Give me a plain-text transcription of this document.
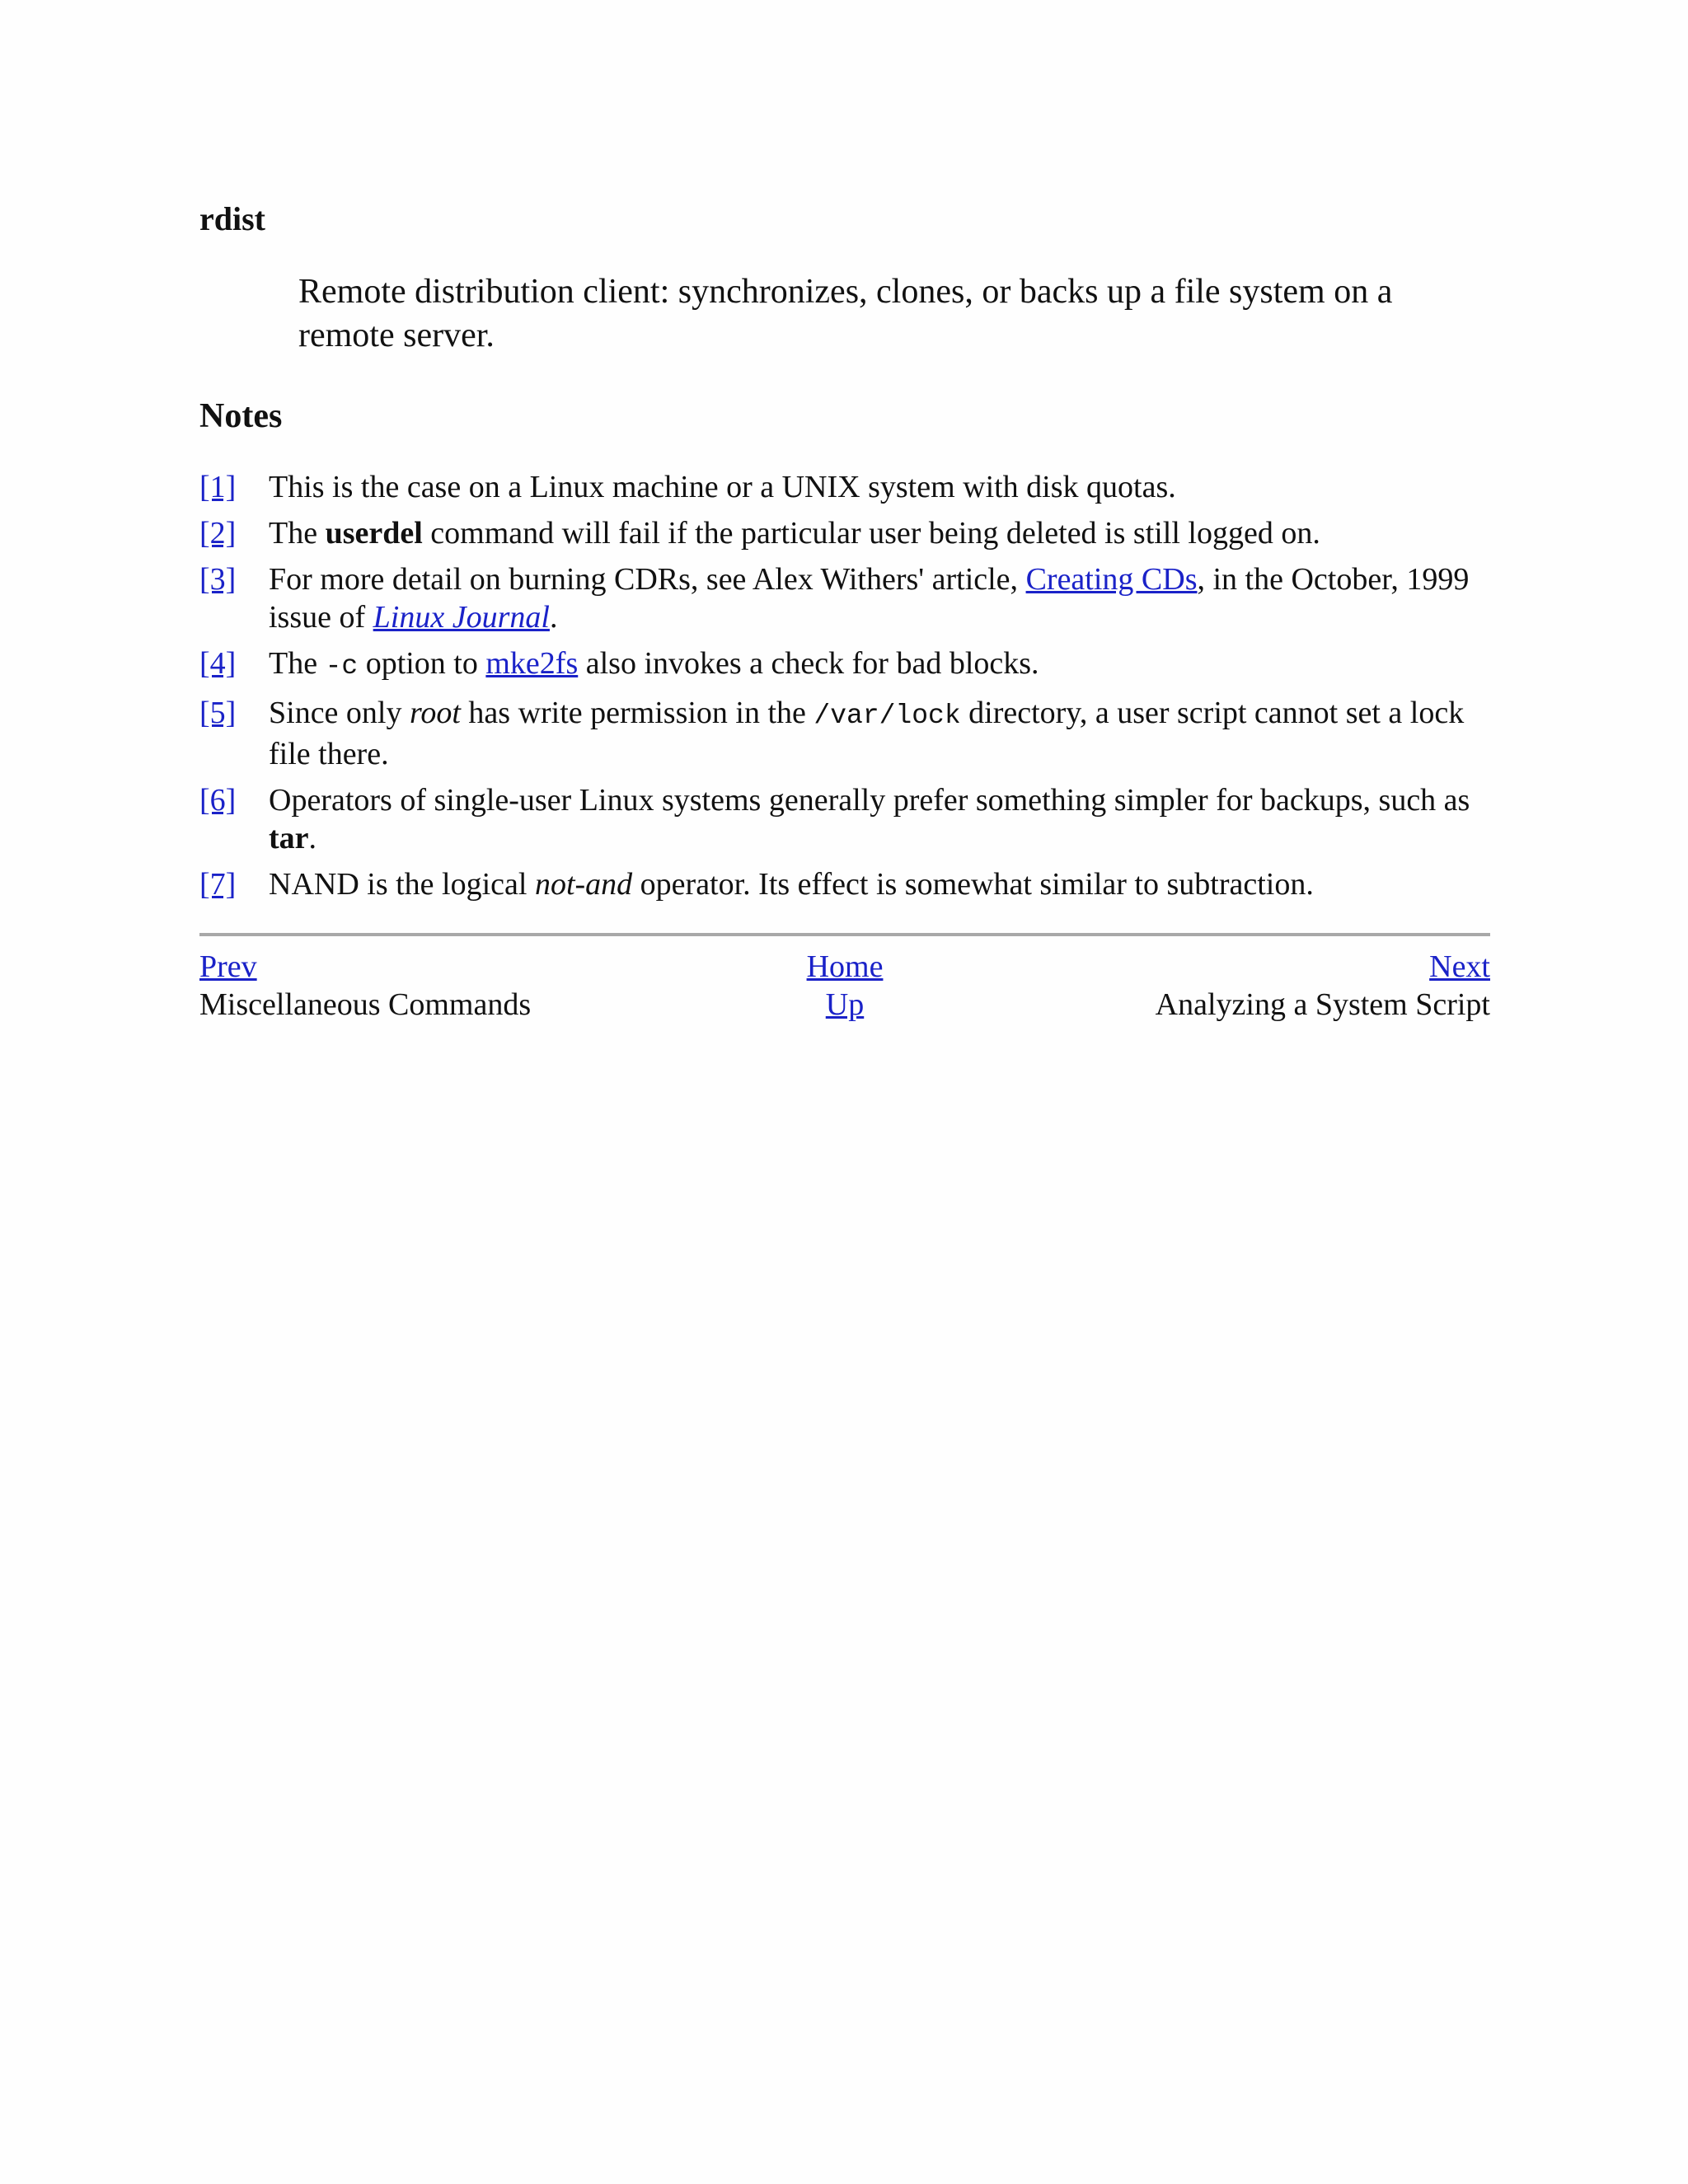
rdist

Remote distribution client: synchronizes, clones, or backs up a file system on a remote server.

Notes
[1]	This is the case on a Linux machine or a UNIX system with disk quotas.
[2]	The userdel command will fail if the particular user being deleted is still logged on.
[3]	For more detail on burning CDRs, see Alex Withers' article, Creating CDs, in the October, 1999 issue of Linux Journal.
[4]	The -c option to mke2fs also invokes a check for bad blocks.
[5]	Since only root has write permission in the /var/lock directory, a user script cannot set a lock file there.
[6]	Operators of single-user Linux systems generally prefer something simpler for backups, such as tar.
[7]	NAND is the logical not-and operator. Its effect is somewhat similar to subtraction.
Prev	Home	Next
Miscellaneous Commands	Up	Analyzing a System Script
